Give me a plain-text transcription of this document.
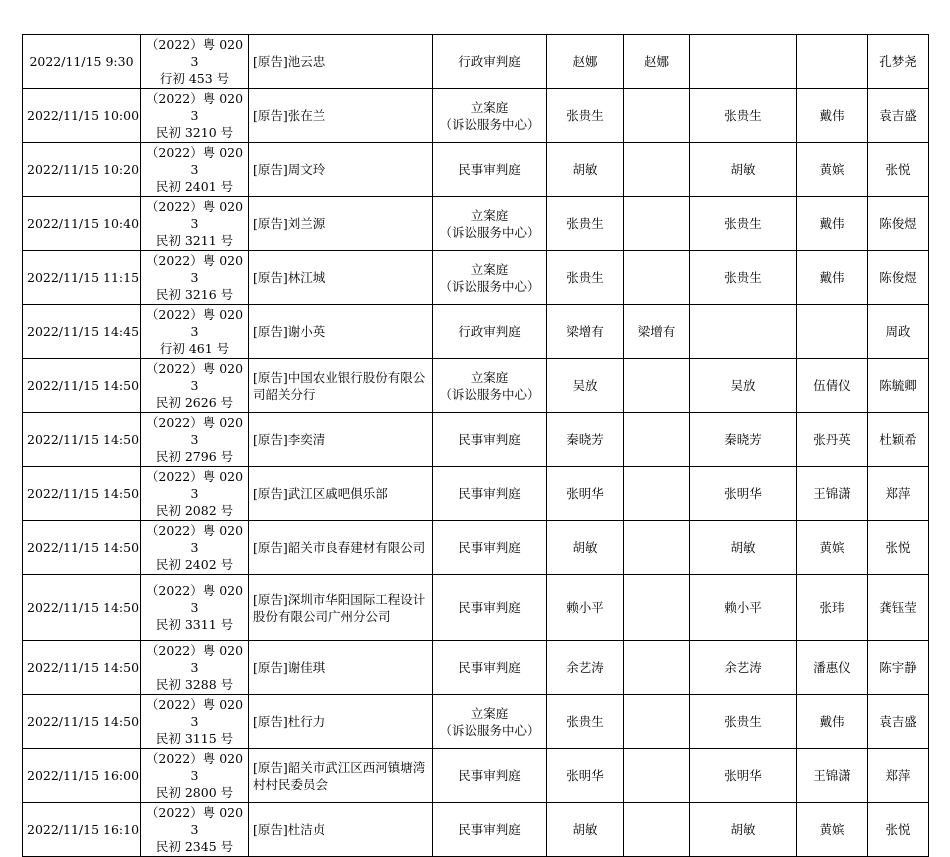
2022/11/15 9:30	（2022）粤 0203
行初 453 号	[原告]池云忠	行政审判庭	赵娜	赵娜			孔梦尧
2022/11/15 10:00	（2022）粤 0203
民初 3210 号	[原告]张在兰	立案庭
（诉讼服务中心）	张贵生		张贵生	戴伟	袁吉盛
2022/11/15 10:20	（2022）粤 0203
民初 2401 号	[原告]周文玲	民事审判庭	胡敏		胡敏	黄嫔	张悦
2022/11/15 10:40	（2022）粤 0203
民初 3211 号	[原告]刘兰源	立案庭
（诉讼服务中心）	张贵生		张贵生	戴伟	陈俊煜
2022/11/15 11:15	（2022）粤 0203
民初 3216 号	[原告]林江城	立案庭
（诉讼服务中心）	张贵生		张贵生	戴伟	陈俊煜
2022/11/15 14:45	（2022）粤 0203
行初 461 号	[原告]谢小英	行政审判庭	梁增有	梁增有			周政
2022/11/15 14:50	（2022）粤 0203
民初 2626 号	[原告]中国农业银行股份有限公司韶关分行	立案庭
（诉讼服务中心）	吴放		吴放	伍倩仪	陈毓卿
2022/11/15 14:50	（2022）粤 0203
民初 2796 号	[原告]李奕清	民事审判庭	秦晓芳		秦晓芳	张丹英	杜颖希
2022/11/15 14:50	（2022）粤 0203
民初 2082 号	[原告]武江区戚吧俱乐部	民事审判庭	张明华		张明华	王锦潇	郑萍
2022/11/15 14:50	（2022）粤 0203
民初 2402 号	[原告]韶关市良春建材有限公司	民事审判庭	胡敏		胡敏	黄嫔	张悦
2022/11/15 14:50	（2022）粤 0203
民初 3311 号	[原告]深圳市华阳国际工程设计股份有限公司广州分公司	民事审判庭	赖小平		赖小平	张玮	龚钰莹
2022/11/15 14:50	（2022）粤 0203
民初 3288 号	[原告]谢佳琪	民事审判庭	余艺涛		余艺涛	潘惠仪	陈宇静
2022/11/15 14:50	（2022）粤 0203
民初 3115 号	[原告]杜行力	立案庭
（诉讼服务中心）	张贵生		张贵生	戴伟	袁吉盛
2022/11/15 16:00	（2022）粤 0203
民初 2800 号	[原告]韶关市武江区西河镇塘湾村村民委员会	民事审判庭	张明华		张明华	王锦潇	郑萍
2022/11/15 16:10	（2022）粤 0203
民初 2345 号	[原告]杜洁贞	民事审判庭	胡敏		胡敏	黄嫔	张悦
